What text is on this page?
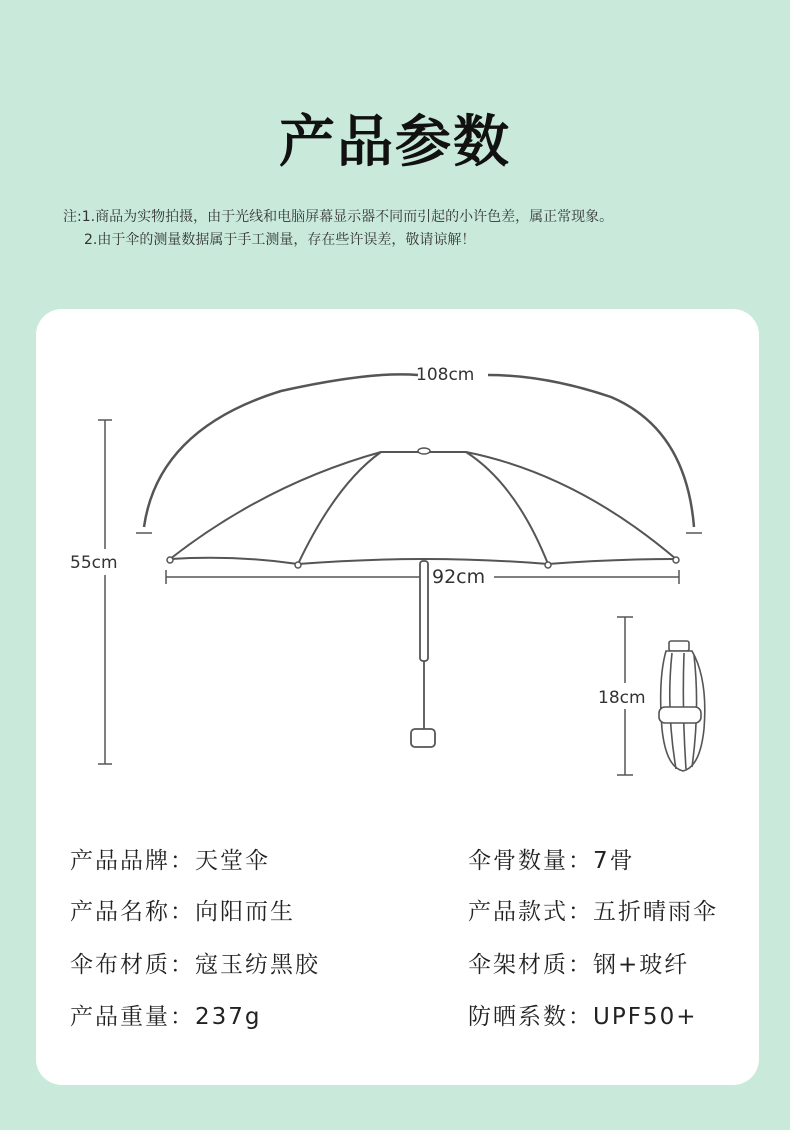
产品参数
注:1.商品为实物拍摄，由于光线和电脑屏幕显示器不同而引起的小许色差，属正常现象。
2.由于伞的测量数据属于手工测量，存在些许误差，敬请谅解！
108cm
55cm
92cm
18cm
产品品牌：天堂伞
产品名称：向阳而生
伞布材质：寇玉纺黑胶
产品重量：237g
伞骨数量：7骨
产品款式：五折晴雨伞
伞架材质：钢+玻纤
防晒系数：UPF50+
